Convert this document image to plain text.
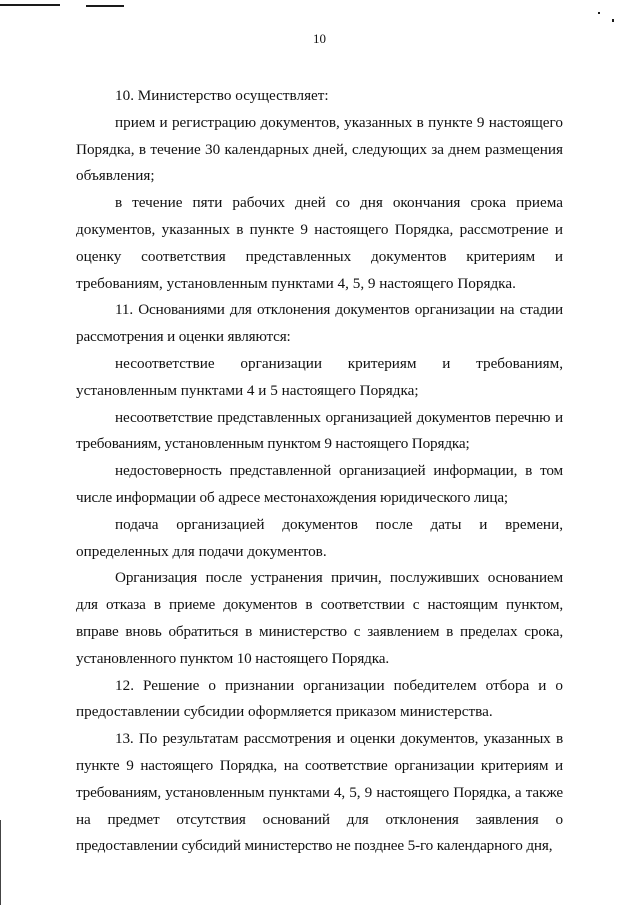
10

10. Министерство осуществляет:

прием и регистрацию документов, указанных в пункте 9 настоящего Порядка, в течение 30 календарных дней, следующих за днем размещения объявления;

в течение пяти рабочих дней со дня окончания срока приема документов, указанных в пункте 9 настоящего Порядка, рассмотрение и оценку соответствия представленных документов критериям и требованиям, установленным пунктами 4, 5, 9 настоящего Порядка.

11. Основаниями для отклонения документов организации на стадии рассмотрения и оценки являются:

несоответствие организации критериям и требованиям, установленным пунктами 4 и 5 настоящего Порядка;

несоответствие представленных организацией документов перечню и требованиям, установленным пунктом 9 настоящего Порядка;

недостоверность представленной организацией информации, в том числе информации об адресе местонахождения юридического лица;

подача организацией документов после даты и времени, определенных для подачи документов.

Организация после устранения причин, послуживших основанием для отказа в приеме документов в соответствии с настоящим пунктом, вправе вновь обратиться в министерство с заявлением в пределах срока, установленного пунктом 10 настоящего Порядка.

12. Решение о признании организации победителем отбора и о предоставлении субсидии оформляется приказом министерства.

13. По результатам рассмотрения и оценки документов, указанных в пункте 9 настоящего Порядка, на соответствие организации критериям и требованиям, установленным пунктами 4, 5, 9 настоящего Порядка, а также на предмет отсутствия оснований для отклонения заявления о предоставлении субсидий министерство не позднее 5-го календарного дня,
